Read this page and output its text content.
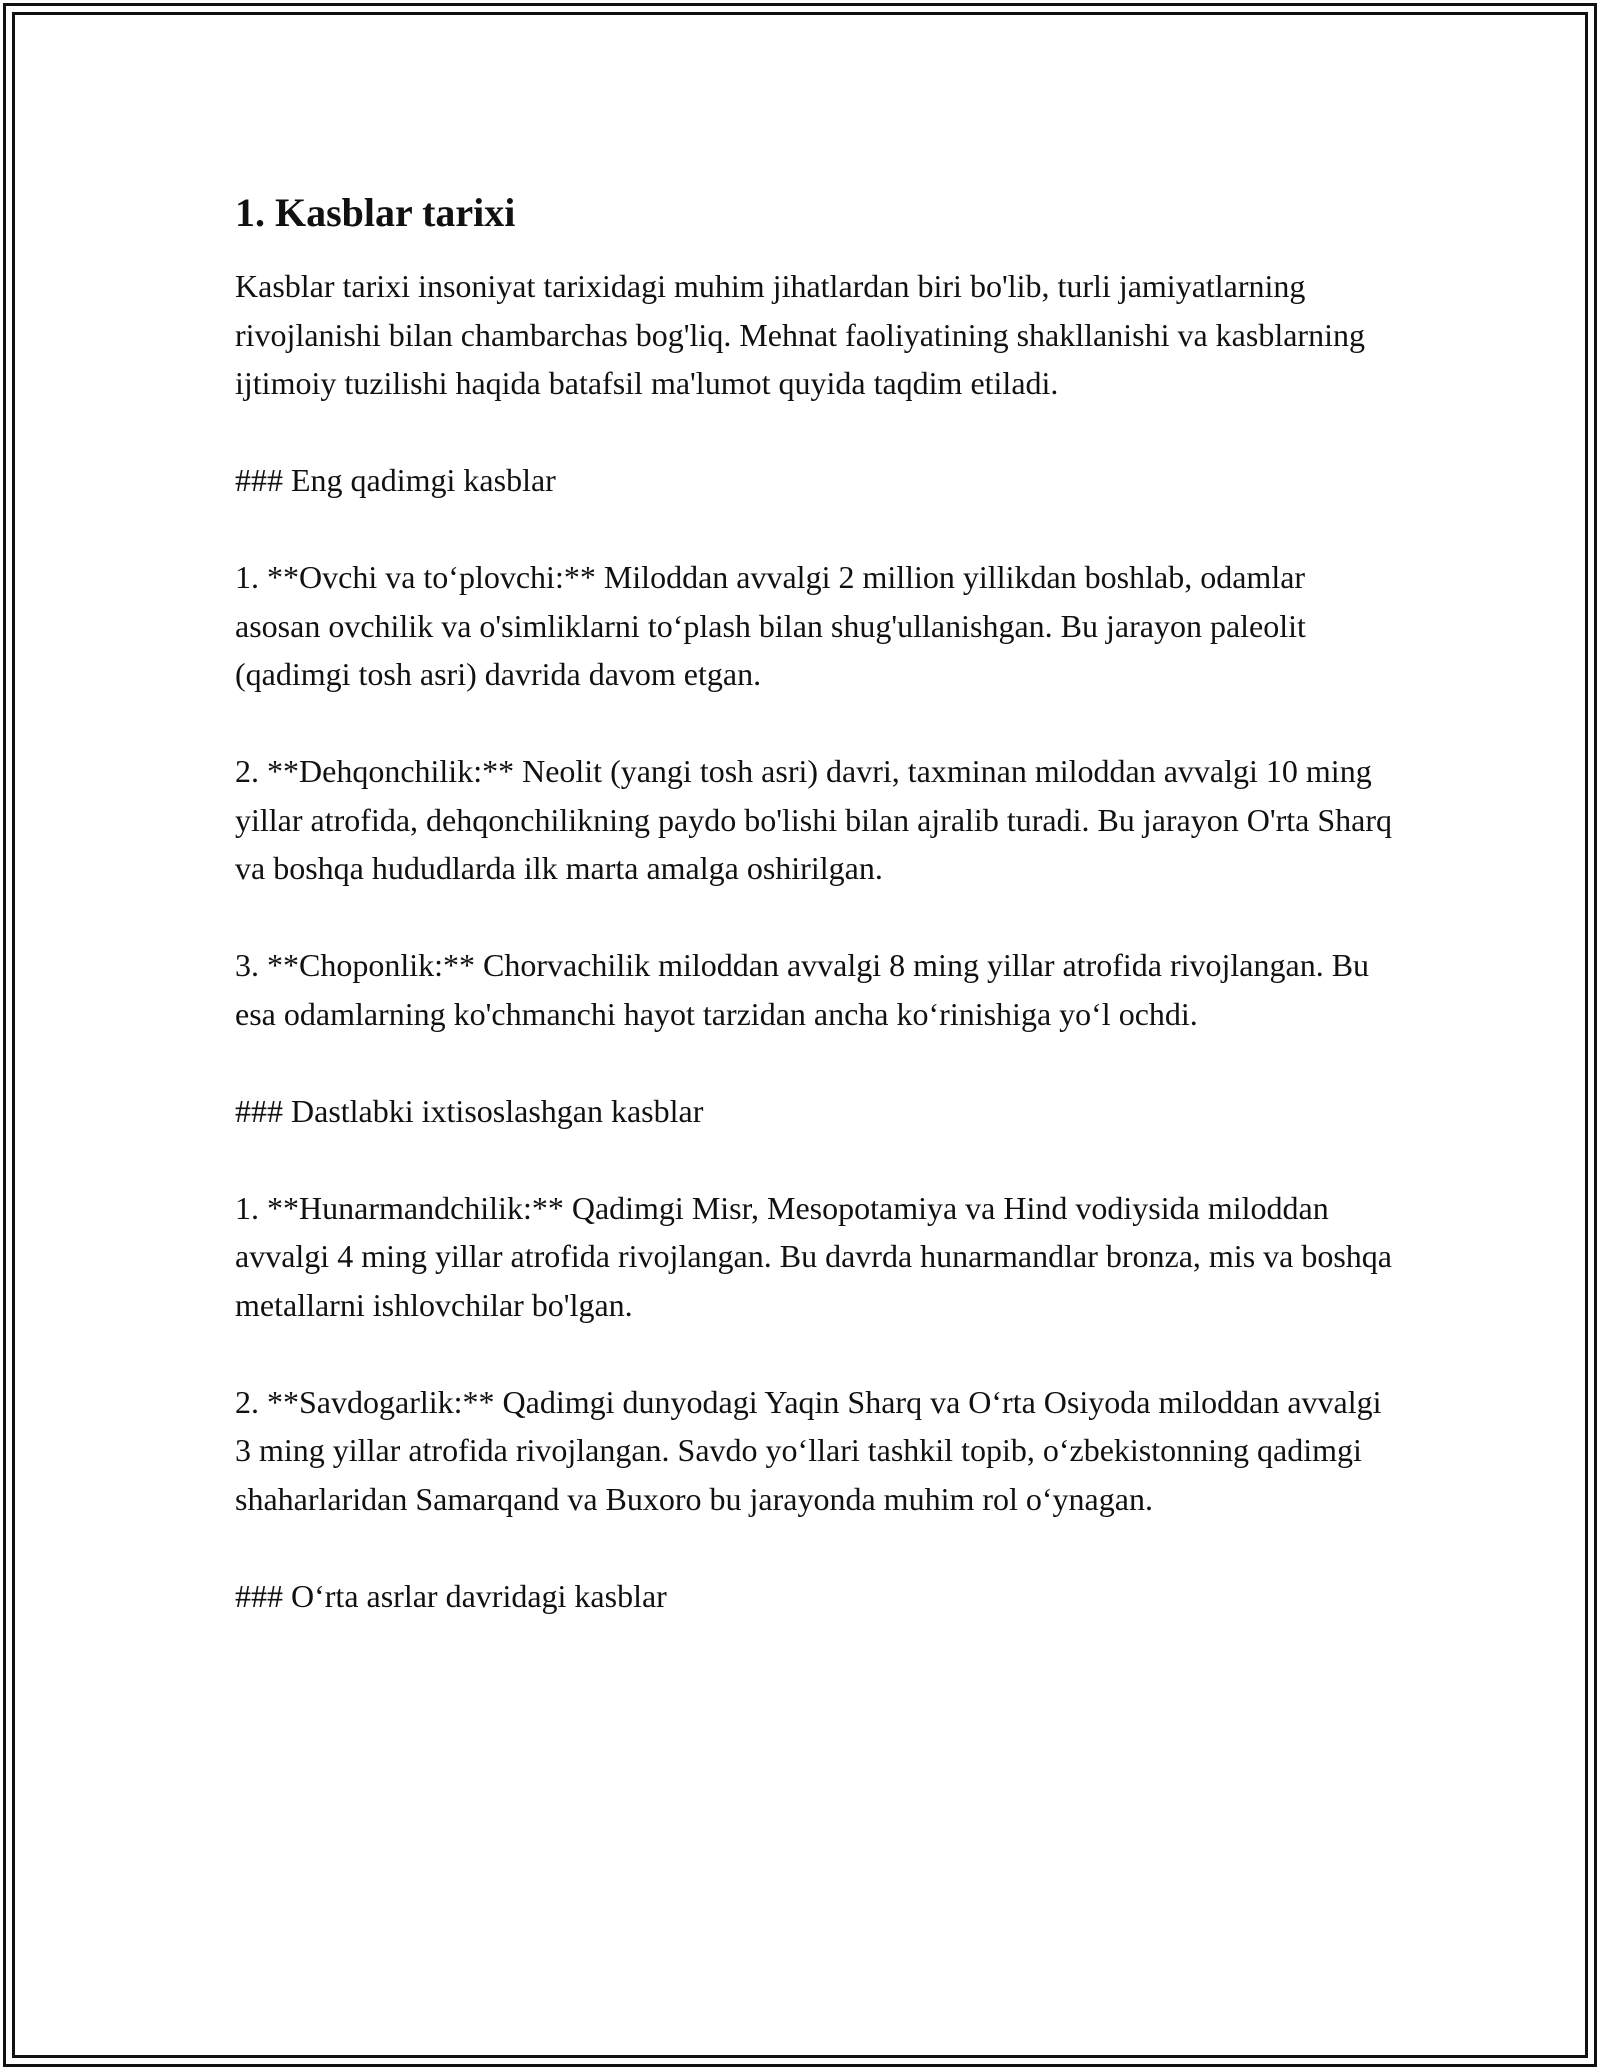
1. Kasblar tarixi

Kasblar tarixi insoniyat tarixidagi muhim jihatlardan biri bo'lib, turli jamiyatlarning rivojlanishi bilan chambarchas bog'liq. Mehnat faoliyatining shakllanishi va kasblarning ijtimoiy tuzilishi haqida batafsil ma'lumot quyida taqdim etiladi.

### Eng qadimgi kasblar

1. **Ovchi va to‘plovchi:** Miloddan avvalgi 2 million yillikdan boshlab, odamlar asosan ovchilik va o'simliklarni to‘plash bilan shug'ullanishgan. Bu jarayon paleolit (qadimgi tosh asri) davrida davom etgan.

2. **Dehqonchilik:** Neolit (yangi tosh asri) davri, taxminan miloddan avvalgi 10 ming yillar atrofida, dehqonchilikning paydo bo'lishi bilan ajralib turadi. Bu jarayon O'rta Sharq va boshqa hududlarda ilk marta amalga oshirilgan.

3. **Choponlik:** Chorvachilik miloddan avvalgi 8 ming yillar atrofida rivojlangan. Bu esa odamlarning ko'chmanchi hayot tarzidan ancha ko‘rinishiga yo‘l ochdi.

### Dastlabki ixtisoslashgan kasblar

1. **Hunarmandchilik:** Qadimgi Misr, Mesopotamiya va Hind vodiysida miloddan avvalgi 4 ming yillar atrofida rivojlangan. Bu davrda hunarmandlar bronza, mis va boshqa metallarni ishlovchilar bo'lgan.

2. **Savdogarlik:** Qadimgi dunyodagi Yaqin Sharq va O‘rta Osiyoda miloddan avvalgi 3 ming yillar atrofida rivojlangan. Savdo yo‘llari tashkil topib, o‘zbekistonning qadimgi shaharlaridan Samarqand va Buxoro bu jarayonda muhim rol o‘ynagan.

### O‘rta asrlar davridagi kasblar
